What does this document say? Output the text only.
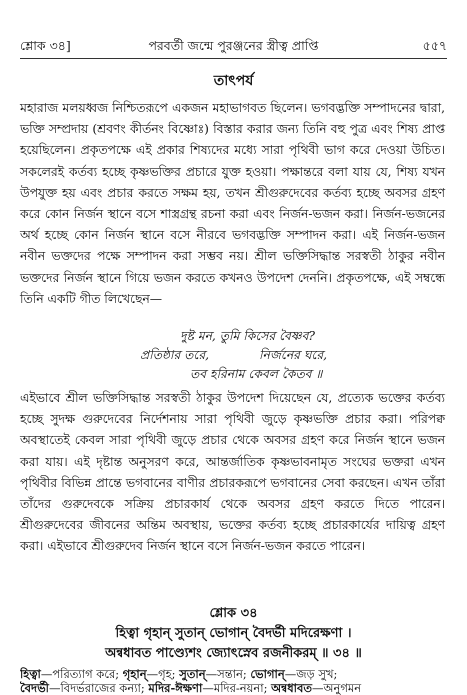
শ্লোক ৩৪]	পরবর্তী জন্মে পুরঞ্জনের স্ত্রীত্ব প্রাপ্তি	৫৫৭
তাৎপর্য

মহারাজ মলয়ধ্বজ নিশ্চিতরূপে একজন মহাভাগবত ছিলেন। ভগবদ্ভক্তি সম্পাদনের দ্বারা, ভক্তি সম্প্রদায় (শ্রবণং কীর্তনং বিষ্ণোঃ) বিস্তার করার জন্য তিনি বহু পুত্র এবং শিষ্য প্রাপ্ত হয়েছিলেন। প্রকৃতপক্ষে এই প্রকার শিষ্যদের মধ্যে সারা পৃথিবী ভাগ করে দেওয়া উচিত। সকলেরই কর্তব্য হচ্ছে কৃষ্ণভক্তির প্রচারে যুক্ত হওয়া। পক্ষান্তরে বলা যায় যে, শিষ্য যখন উপযুক্ত হয় এবং প্রচার করতে সক্ষম হয়, তখন শ্রীগুরুদেবের কর্তব্য হচ্ছে অবসর গ্রহণ করে কোন নির্জন স্থানে বসে শাস্ত্রগ্রন্থ রচনা করা এবং নির্জন-ভজন করা। নির্জন-ভজনের অর্থ হচ্ছে কোন নির্জন স্থানে বসে নীরবে ভগবদ্ভক্তি সম্পাদন করা। এই নির্জন-ভজন নবীন ভক্তদের পক্ষে সম্পাদন করা সম্ভব নয়। শ্রীল ভক্তিসিদ্ধান্ত সরস্বতী ঠাকুর নবীন ভক্তদের নির্জন স্থানে গিয়ে ভজন করতে কখনও উপদেশ দেননি। প্রকৃতপক্ষে, এই সম্বন্ধে তিনি একটি গীত লিখেছেন—

দুষ্ট মন, তুমি কিসের বৈষ্ণব?
প্রতিষ্ঠার তরে,	নির্জনের ঘরে,
তব হরিনাম কেবল কৈতব ॥

এইভাবে শ্রীল ভক্তিসিদ্ধান্ত সরস্বতী ঠাকুর উপদেশ দিয়েছেন যে, প্রত্যেক ভক্তের কর্তব্য হচ্ছে সুদক্ষ গুরুদেবের নির্দেশনায় সারা পৃথিবী জুড়ে কৃষ্ণভক্তি প্রচার করা। পরিপক্ব অবস্থাতেই কেবল সারা পৃথিবী জুড়ে প্রচার থেকে অবসর গ্রহণ করে নির্জন স্থানে ভজন করা যায়। এই দৃষ্টান্ত অনুসরণ করে, আন্তর্জাতিক কৃষ্ণভাবনামৃত সংঘের ভক্তরা এখন পৃথিবীর বিভিন্ন প্রান্তে ভগবানের বাণীর প্রচারকরূপে ভগবানের সেবা করছেন। এখন তাঁরা তাঁদের গুরুদেবকে সক্রিয় প্রচারকার্য থেকে অবসর গ্রহণ করতে দিতে পারেন। শ্রীগুরুদেবের জীবনের অন্তিম অবস্থায়, ভক্তের কর্তব্য হচ্ছে প্রচারকার্যের দায়িত্ব গ্রহণ করা। এইভাবে শ্রীগুরুদেব নির্জন স্থানে বসে নির্জন-ভজন করতে পারেন।

শ্লোক ৩৪
হিত্বা গৃহান্ সুতান্ ভোগান্ বৈদর্ভী মদিরেক্ষণা ।
অন্বধাবত পাণ্ড্যেশং জ্যোৎস্নেব রজনীকরম্ ॥ ৩৪ ॥
হিত্বা—পরিত্যাগ করে; গৃহান্—গৃহ; সুতান্—সন্তান; ভোগান্—জড় সুখ;
বৈদর্ভী—বিদর্ভরাজের কন্যা; মদির-ঈক্ষণা—মদির-নয়না; অন্বধাবত—অনুগমন
